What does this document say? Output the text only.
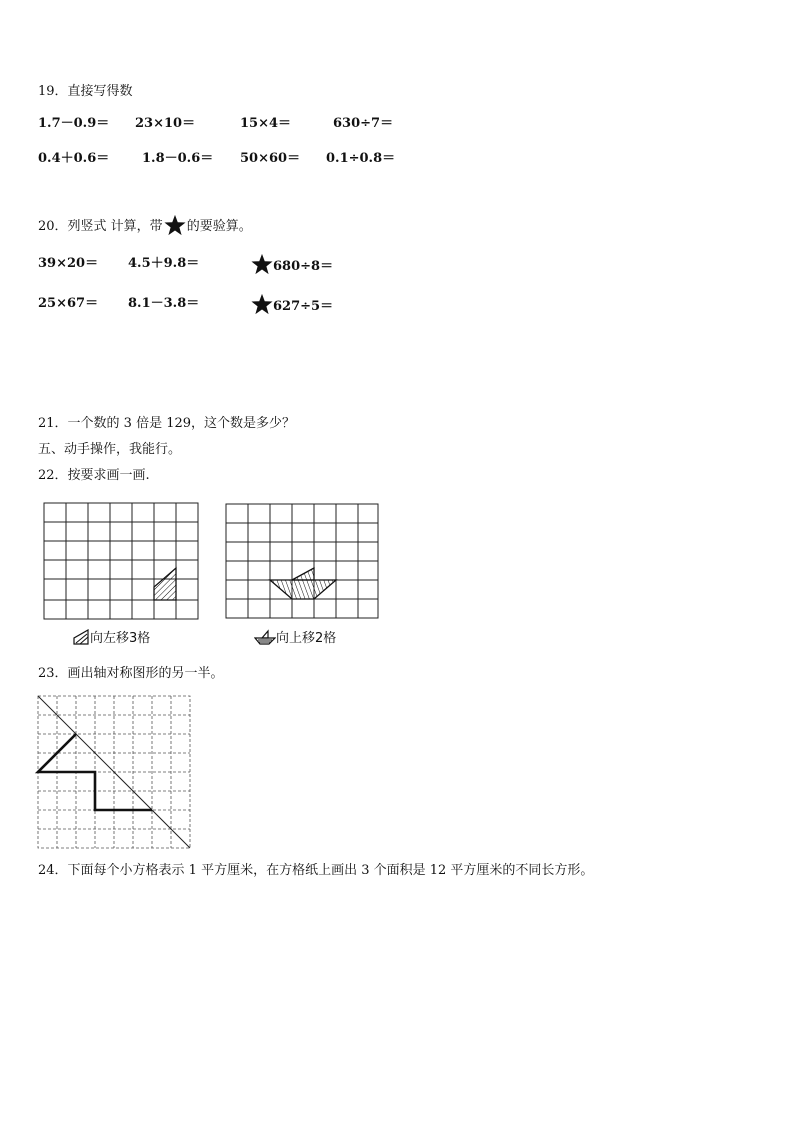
19．直接写得数
1.7－0.9＝ 23×10＝	15×4＝	630÷7＝
0.4＋0.6＝	1.8－0.6＝ 50×60＝ 0.1÷0.8＝
20．列竖式 计算，带 的要验算。
39×20＝ 4.5＋9.8＝	680÷8＝
25×67＝ 8.1－3.8＝	627÷5＝
21．一个数的 3 倍是 129，这个数是多少？
五、动手操作，我能行。
22．按要求画一画.
向左移3格	向上移2格
23．画出轴对称图形的另一半。
24．下面每个小方格表示 1 平方厘米，在方格纸上画出 3 个面积是 12 平方厘米的不同长方形。
